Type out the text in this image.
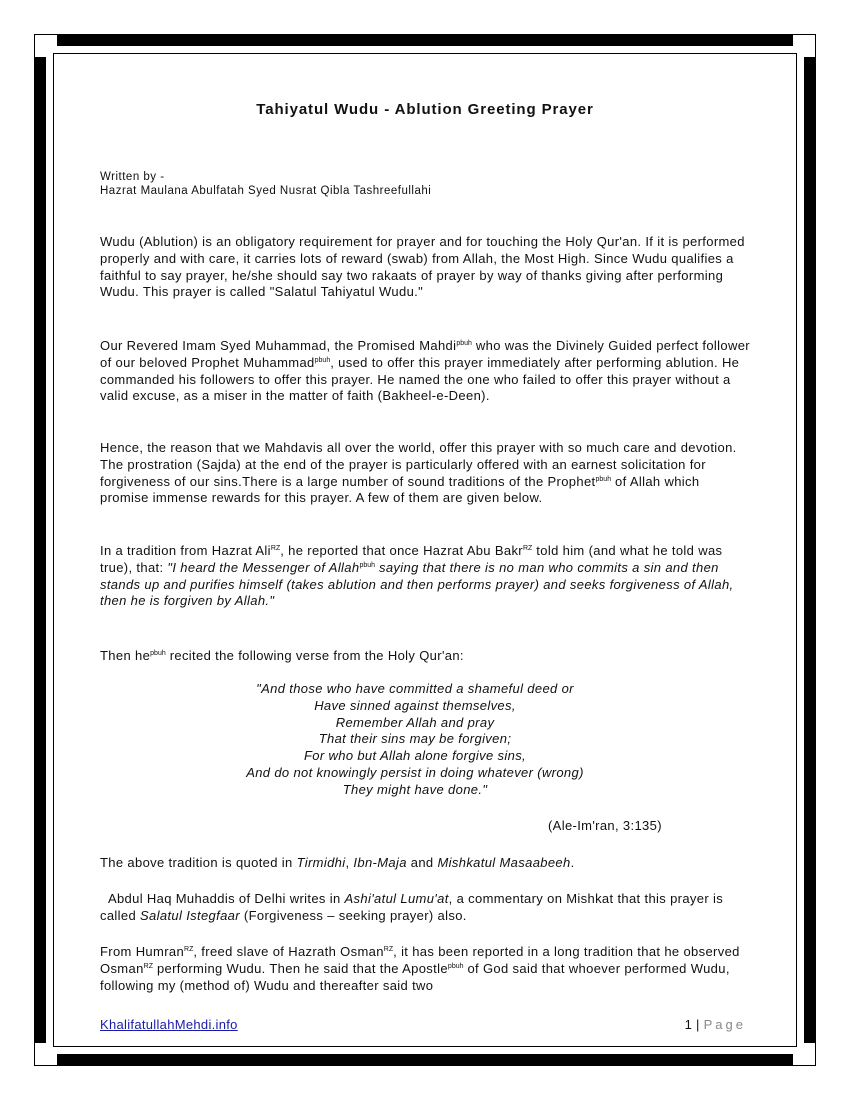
Tahiyatul Wudu - Ablution Greeting Prayer
Written by -
Hazrat Maulana Abulfatah Syed Nusrat Qibla Tashreefullahi
Wudu (Ablution) is an obligatory requirement for prayer and for touching the Holy Qur'an. If it is performed properly and with care, it carries lots of reward (swab) from Allah, the Most High. Since Wudu qualifies a faithful to say prayer, he/she should say two rakaats of prayer by way of thanks giving after performing Wudu. This prayer is called "Salatul Tahiyatul Wudu."
Our Revered Imam Syed Muhammad, the Promised Mahdi$^{pbuh}$ who was the Divinely Guided perfect follower of our beloved Prophet Muhammad$^{pbuh}$, used to offer this prayer immediately after performing ablution. He commanded his followers to offer this prayer. He named the one who failed to offer this prayer without a valid excuse, as a miser in the matter of faith (Bakheel-e-Deen).
Hence, the reason that we Mahdavis all over the world, offer this prayer with so much care and devotion. The prostration (Sajda) at the end of the prayer is particularly offered with an earnest solicitation for forgiveness of our sins.There is a large number of sound traditions of the Prophet$^{pbuh}$ of Allah which promise immense rewards for this prayer. A few of them are given below.
In a tradition from Hazrat Ali$^{RZ}$, he reported that once Hazrat Abu Bakr$^{RZ}$ told him (and what he told was true), that: "I heard the Messenger of Allah$^{pbuh}$ saying that there is no man who commits a sin and then stands up and purifies himself (takes ablution and then performs prayer) and seeks forgiveness of Allah, then he is forgiven by Allah."
Then $he^{pbuh}$ recited the following verse from the Holy Qur'an:
"And those who have committed a shameful deed or
Have sinned against themselves,
Remember Allah and pray
That their sins may be forgiven;
For who but Allah alone forgive sins,
And do not knowingly persist in doing whatever (wrong)
They might have done."
(Ale-Im'ran, 3:135)
The above tradition is quoted in Tirmidhi, Ibn-Maja and Mishkatul Masaabeeh.
Abdul Haq Muhaddis of Delhi writes in Ashi'atul Lumu'at, a commentary on Mishkat that this prayer is called Salatul Istegfaar (Forgiveness – seeking prayer) also.
From Humran$^{RZ}$, freed slave of Hazrath Osman$^{RZ}$, it has been reported in a long tradition that he observed Osman$^{RZ}$ performing Wudu. Then he said that the Apostle$^{pbuh}$ of God said that whoever performed Wudu, following my (method of) Wudu and thereafter said two
KhalifatullahMehdi.info	1 | Page
